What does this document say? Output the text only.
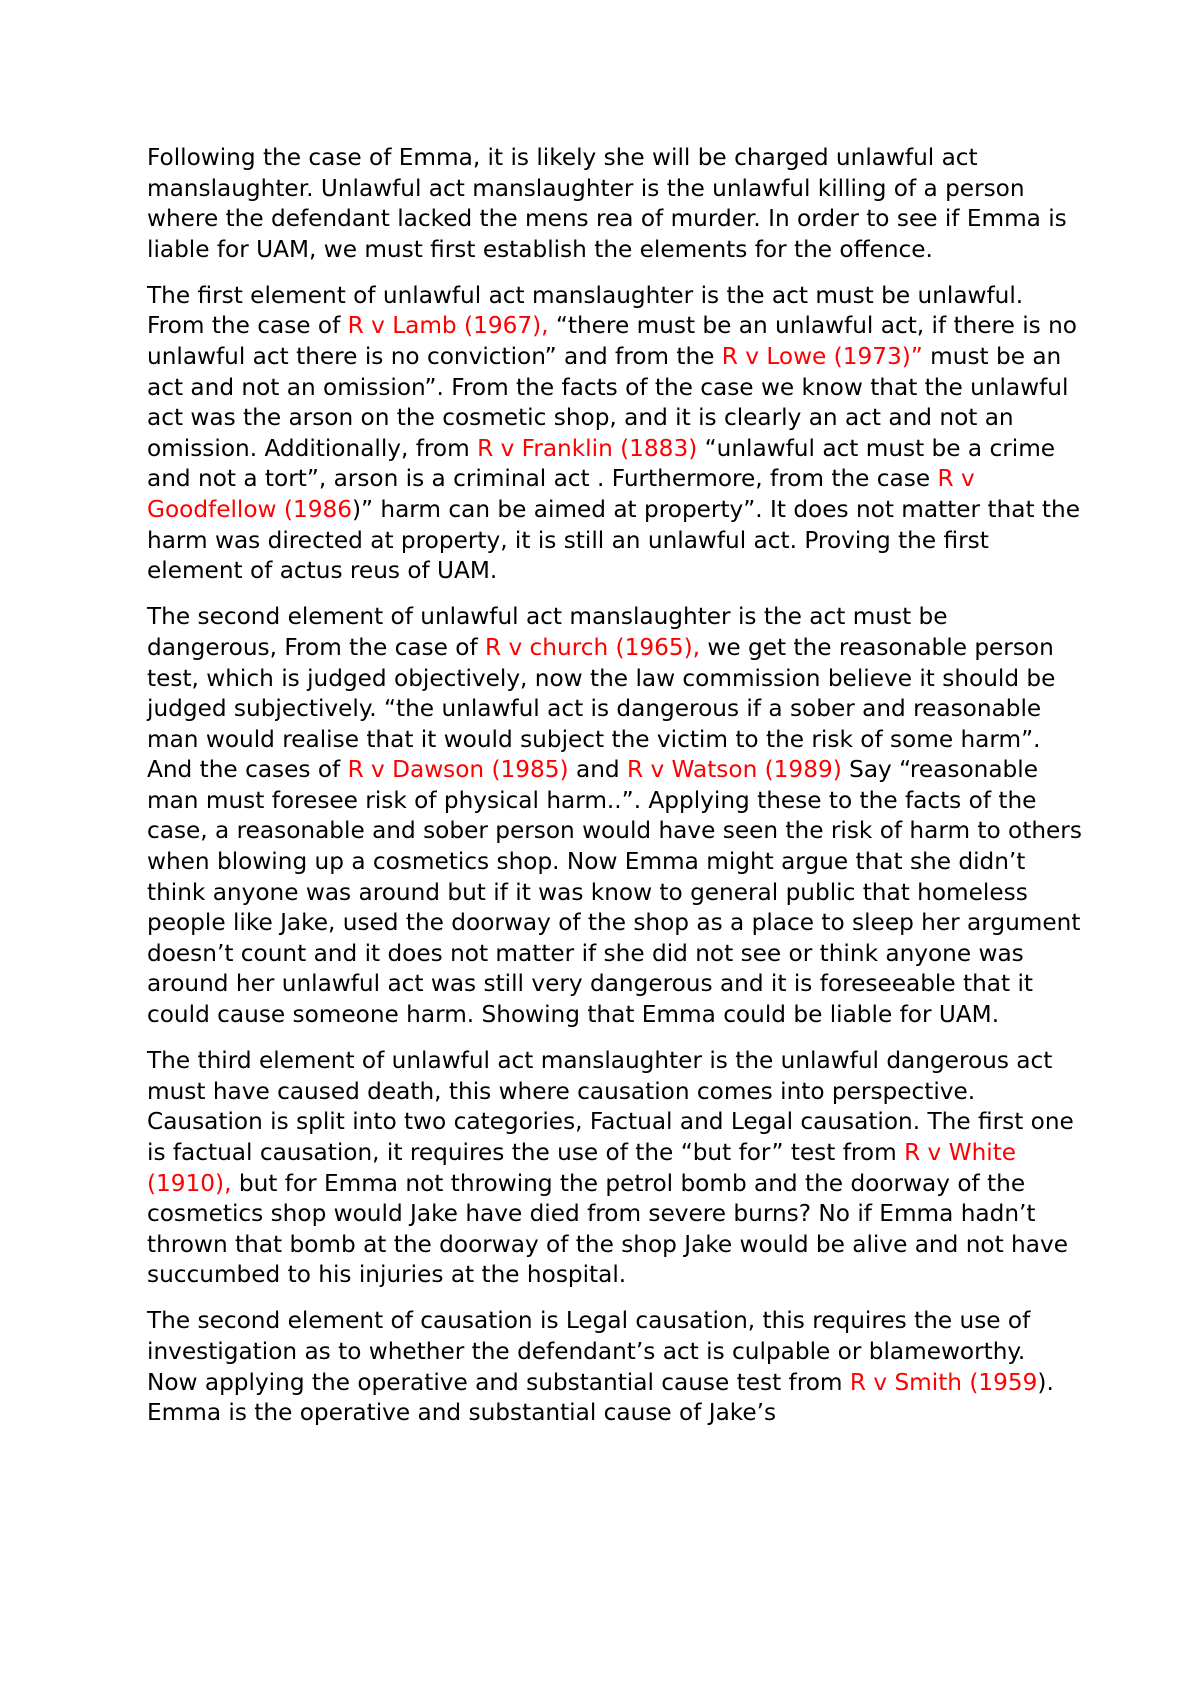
Following the case of Emma, it is likely she will be charged unlawful act manslaughter. Unlawful act manslaughter is the unlawful killing of a person where the defendant lacked the mens rea of murder. In order to see if Emma is liable for UAM, we must first establish the elements for the offence.

The first element of unlawful act manslaughter is the act must be unlawful. From the case of R v Lamb (1967), “there must be an unlawful act, if there is no unlawful act there is no conviction” and from the R v Lowe (1973)” must be an act and not an omission”. From the facts of the case we know that the unlawful act was the arson on the cosmetic shop, and it is clearly an act and not an omission. Additionally, from R v Franklin (1883) “unlawful act must be a crime and not a tort”, arson is a criminal act . Furthermore, from the case R v Goodfellow (1986)” harm can be aimed at property”. It does not matter that the harm was directed at property, it is still an unlawful act. Proving the first element of actus reus of UAM.

The second element of unlawful act manslaughter is the act must be dangerous, From the case of R v church (1965), we get the reasonable person test, which is judged objectively, now the law commission believe it should be judged subjectively. “the unlawful act is dangerous if a sober and reasonable man would realise that it would subject the victim to the risk of some harm”. And the cases of R v Dawson (1985) and R v Watson (1989) Say “reasonable man must foresee risk of physical harm..”. Applying these to the facts of the case, a reasonable and sober person would have seen the risk of harm to others when blowing up a cosmetics shop. Now Emma might argue that she didn’t think anyone was around but if it was know to general public that homeless people like Jake, used the doorway of the shop as a place to sleep her argument doesn’t count and it does not matter if she did not see or think anyone was around her unlawful act was still very dangerous and it is foreseeable that it could cause someone harm. Showing that Emma could be liable for UAM.

The third element of unlawful act manslaughter is the unlawful dangerous act must have caused death, this where causation comes into perspective. Causation is split into two categories, Factual and Legal causation. The first one is factual causation, it requires the use of the “but for” test from R v White (1910), but for Emma not throwing the petrol bomb and the doorway of the cosmetics shop would Jake have died from severe burns? No if Emma hadn’t thrown that bomb at the doorway of the shop Jake would be alive and not have succumbed to his injuries at the hospital.

The second element of causation is Legal causation, this requires the use of investigation as to whether the defendant’s act is culpable or blameworthy. Now applying the operative and substantial cause test from R v Smith (1959). Emma is the operative and substantial cause of Jake’s
